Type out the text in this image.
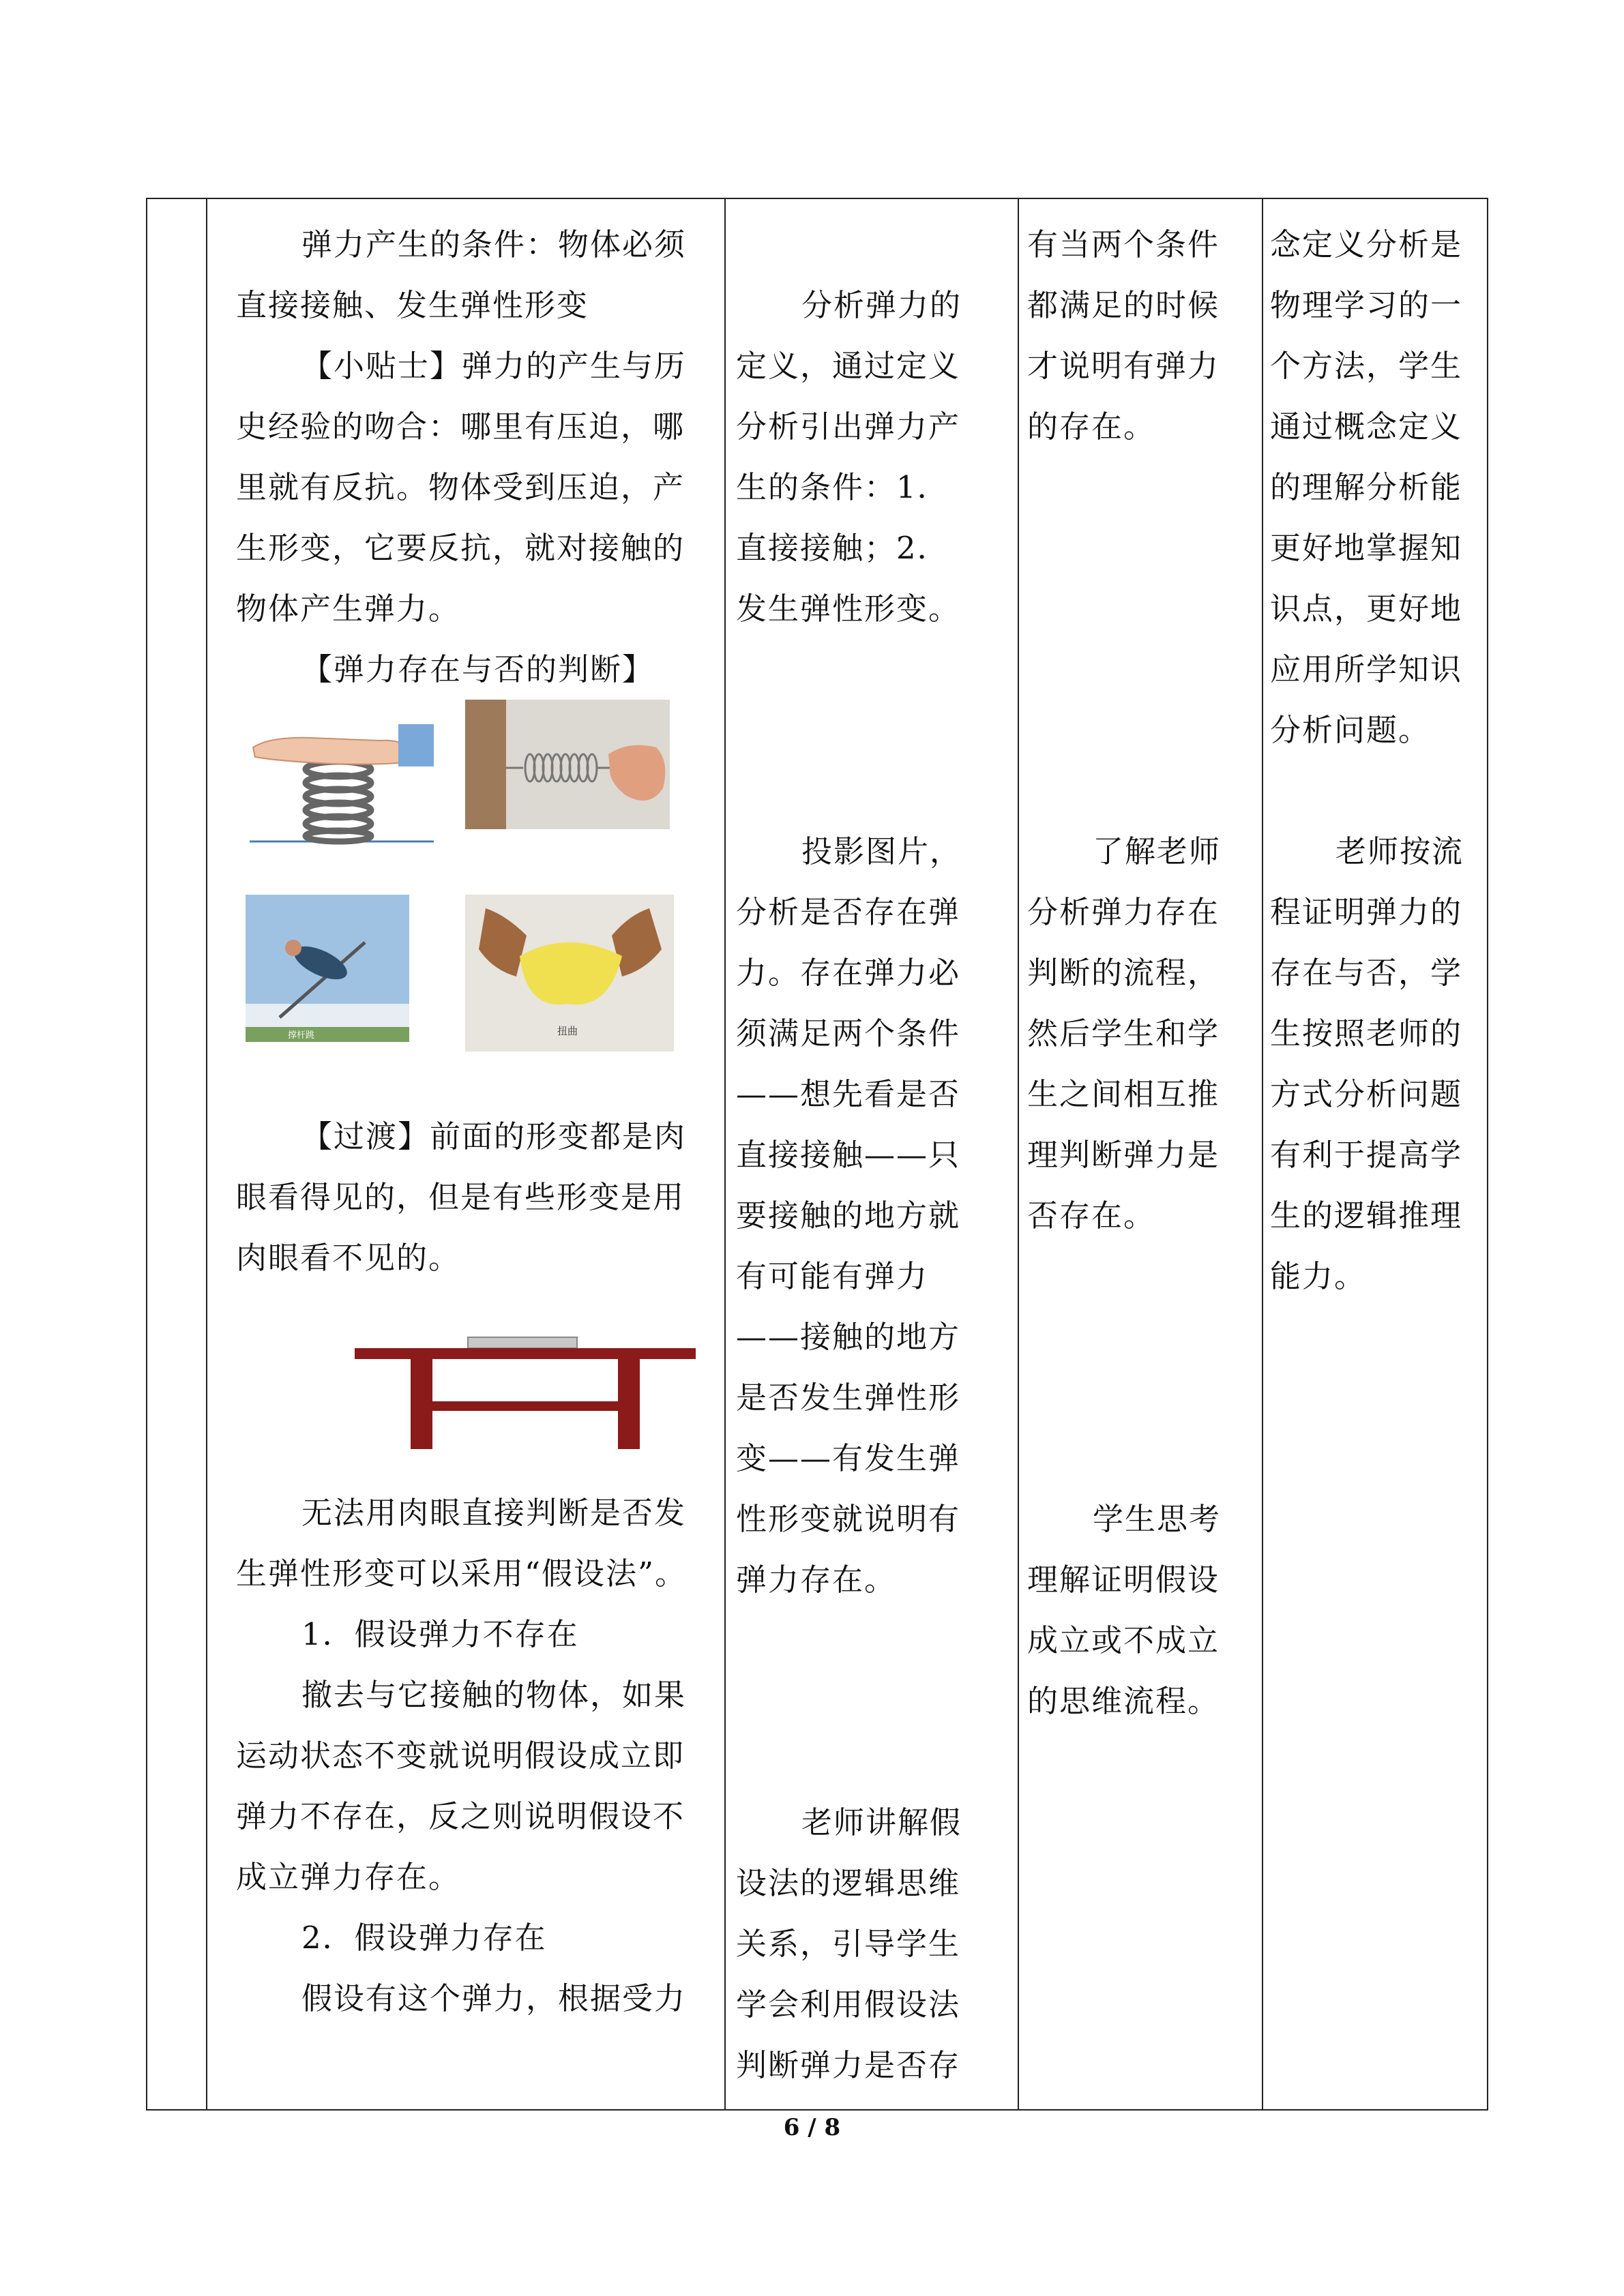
弹力产生的条件：物体必须直接接触、发生弹性形变

【小贴士】弹力的产生与历史经验的吻合：哪里有压迫，哪里就有反抗。物体受到压迫，产生形变，它要反抗，就对接触的物体产生弹力。

【弹力存在与否的判断】

撑杆跳	扭曲

【过渡】前面的形变都是肉眼看得见的，但是有些形变是用肉眼看不见的。

无法用肉眼直接判断是否发生弹性形变可以采用“假设法”。

1．假设弹力不存在

撤去与它接触的物体，如果运动状态不变就说明假设成立即弹力不存在，反之则说明假设不成立弹力存在。

2．假设弹力存在

假设有这个弹力，根据受力

分析弹力的定义，通过定义分析引出弹力产生的条件：1．直接接触；2．发生弹性形变。

投影图片，分析是否存在弹力。存在弹力必须满足两个条件——想先看是否直接接触——只要接触的地方就有可能有弹力——接触的地方是否发生弹性形变——有发生弹性形变就说明有弹力存在。

老师讲解假设法的逻辑思维关系，引导学生学会利用假设法判断弹力是否存

有当两个条件都满足的时候才说明有弹力的存在。

了解老师分析弹力存在判断的流程，然后学生和学生之间相互推理判断弹力是否存在。

学生思考理解证明假设成立或不成立的思维流程。

念定义分析是物理学习的一个方法，学生通过概念定义的理解分析能更好地掌握知识点，更好地应用所学知识分析问题。

老师按流程证明弹力的存在与否，学生按照老师的方式分析问题有利于提高学生的逻辑推理能力。

6 / 8
